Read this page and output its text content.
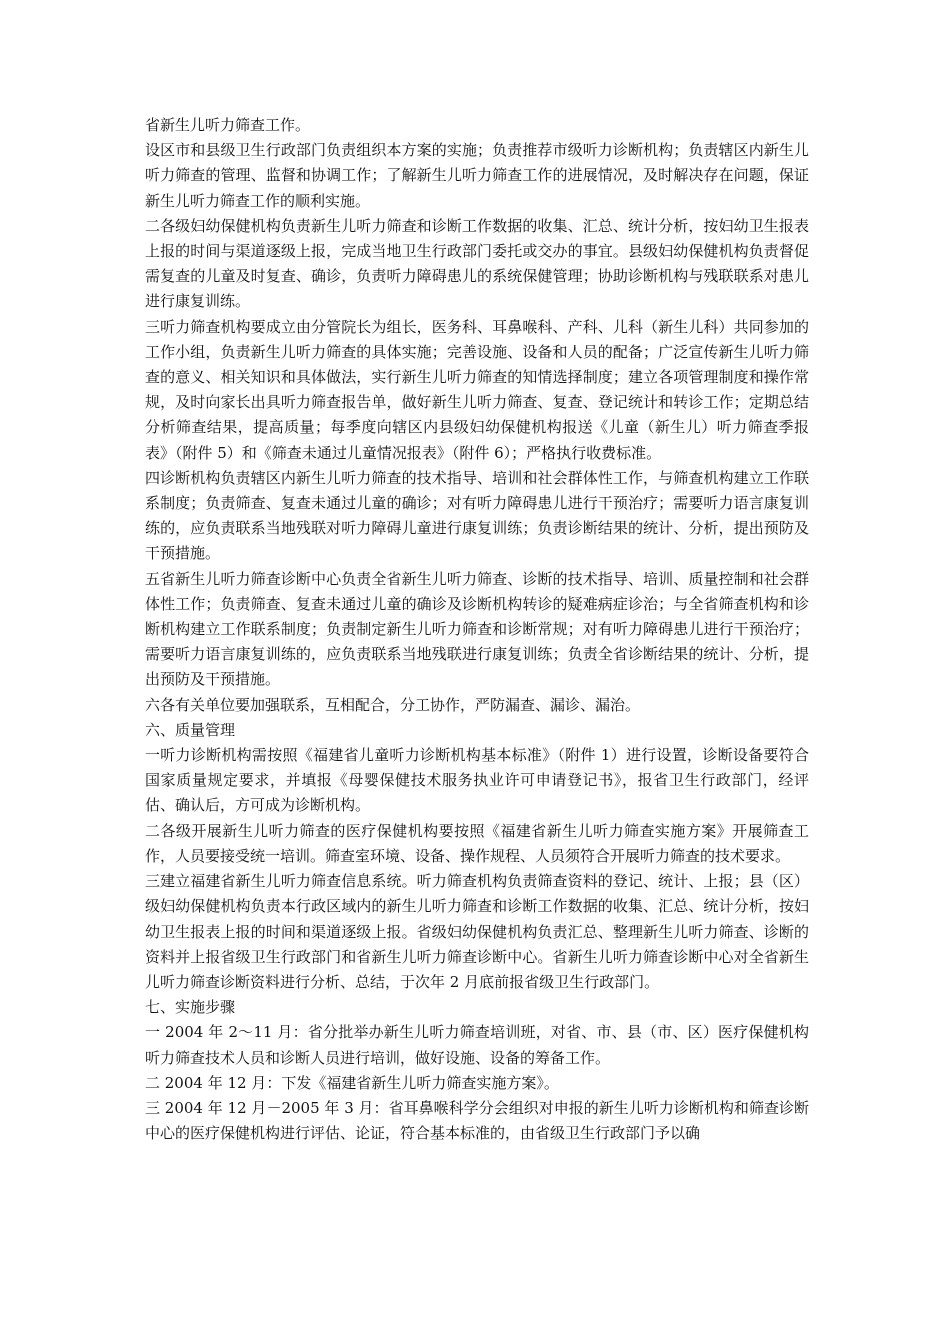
省新生儿听力筛查工作。

设区市和县级卫生行政部门负责组织本方案的实施；负责推荐市级听力诊断机构；负责辖区内新生儿听力筛查的管理、监督和协调工作；了解新生儿听力筛查工作的进展情况，及时解决存在问题，保证新生儿听力筛查工作的顺利实施。

二各级妇幼保健机构负责新生儿听力筛查和诊断工作数据的收集、汇总、统计分析，按妇幼卫生报表上报的时间与渠道逐级上报，完成当地卫生行政部门委托或交办的事宜。县级妇幼保健机构负责督促需复查的儿童及时复查、确诊，负责听力障碍患儿的系统保健管理；协助诊断机构与残联联系对患儿进行康复训练。

三听力筛查机构要成立由分管院长为组长，医务科、耳鼻喉科、产科、儿科（新生儿科）共同参加的工作小组，负责新生儿听力筛查的具体实施；完善设施、设备和人员的配备；广泛宣传新生儿听力筛查的意义、相关知识和具体做法，实行新生儿听力筛查的知情选择制度；建立各项管理制度和操作常规，及时向家长出具听力筛查报告单，做好新生儿听力筛查、复查、登记统计和转诊工作；定期总结分析筛查结果，提高质量；每季度向辖区内县级妇幼保健机构报送《儿童（新生儿）听力筛查季报表》（附件 5）和《筛查未通过儿童情况报表》（附件 6）；严格执行收费标准。

四诊断机构负责辖区内新生儿听力筛查的技术指导、培训和社会群体性工作，与筛查机构建立工作联系制度；负责筛查、复查未通过儿童的确诊；对有听力障碍患儿进行干预治疗；需要听力语言康复训练的，应负责联系当地残联对听力障碍儿童进行康复训练；负责诊断结果的统计、分析，提出预防及干预措施。

五省新生儿听力筛查诊断中心负责全省新生儿听力筛查、诊断的技术指导、培训、质量控制和社会群体性工作；负责筛查、复查未通过儿童的确诊及诊断机构转诊的疑难病症诊治；与全省筛查机构和诊断机构建立工作联系制度；负责制定新生儿听力筛查和诊断常规；对有听力障碍患儿进行干预治疗；需要听力语言康复训练的，应负责联系当地残联进行康复训练；负责全省诊断结果的统计、分析，提出预防及干预措施。

六各有关单位要加强联系，互相配合，分工协作，严防漏查、漏诊、漏治。

六、质量管理

一听力诊断机构需按照《福建省儿童听力诊断机构基本标准》（附件 1）进行设置，诊断设备要符合国家质量规定要求，并填报《母婴保健技术服务执业许可申请登记书》，报省卫生行政部门，经评估、确认后，方可成为诊断机构。

二各级开展新生儿听力筛查的医疗保健机构要按照《福建省新生儿听力筛查实施方案》开展筛查工作，人员要接受统一培训。筛查室环境、设备、操作规程、人员须符合开展听力筛查的技术要求。

三建立福建省新生儿听力筛查信息系统。听力筛查机构负责筛查资料的登记、统计、上报；县（区）级妇幼保健机构负责本行政区域内的新生儿听力筛查和诊断工作数据的收集、汇总、统计分析，按妇幼卫生报表上报的时间和渠道逐级上报。省级妇幼保健机构负责汇总、整理新生儿听力筛查、诊断的资料并上报省级卫生行政部门和省新生儿听力筛查诊断中心。省新生儿听力筛查诊断中心对全省新生儿听力筛查诊断资料进行分析、总结，于次年 2 月底前报省级卫生行政部门。

七、实施步骤

一 2004 年 2～11 月：省分批举办新生儿听力筛查培训班，对省、市、县（市、区）医疗保健机构听力筛查技术人员和诊断人员进行培训，做好设施、设备的筹备工作。

二 2004 年 12 月：下发《福建省新生儿听力筛查实施方案》。

三 2004 年 12 月－2005 年 3 月：省耳鼻喉科学分会组织对申报的新生儿听力诊断机构和筛查诊断中心的医疗保健机构进行评估、论证，符合基本标准的，由省级卫生行政部门予以确
